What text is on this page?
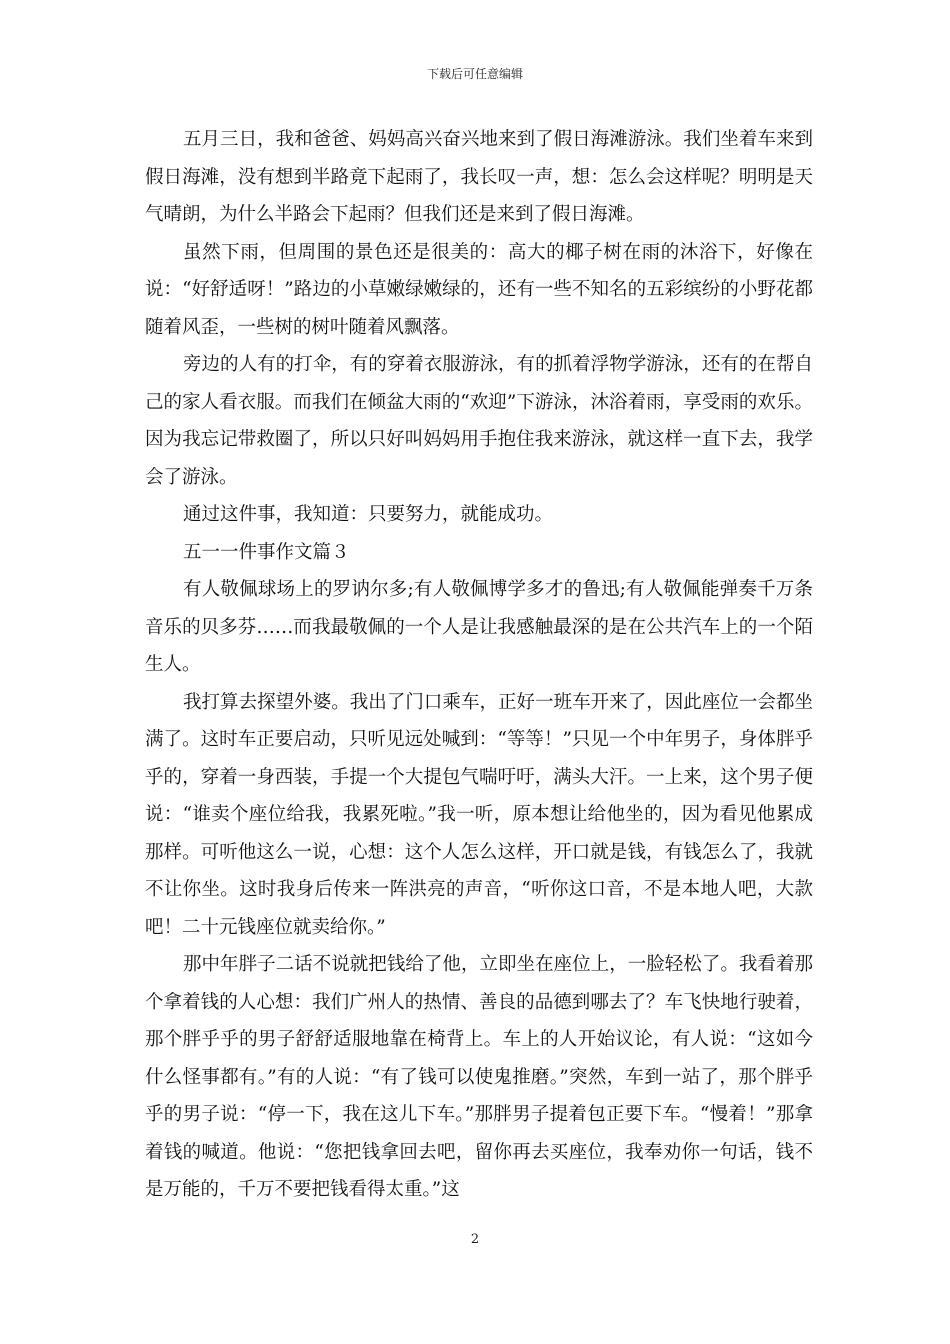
下载后可任意编辑

五月三日，我和爸爸、妈妈高兴奋兴地来到了假日海滩游泳。我们坐着车来到假日海滩，没有想到半路竟下起雨了，我长叹一声，想：怎么会这样呢？明明是天气晴朗，为什么半路会下起雨？但我们还是来到了假日海滩。

虽然下雨，但周围的景色还是很美的：高大的椰子树在雨的沐浴下，好像在说：“好舒适呀！”路边的小草嫩绿嫩绿的，还有一些不知名的五彩缤纷的小野花都随着风歪，一些树的树叶随着风飘落。

旁边的人有的打伞，有的穿着衣服游泳，有的抓着浮物学游泳，还有的在帮自己的家人看衣服。而我们在倾盆大雨的“欢迎”下游泳，沐浴着雨，享受雨的欢乐。因为我忘记带救圈了，所以只好叫妈妈用手抱住我来游泳，就这样一直下去，我学会了游泳。

通过这件事，我知道：只要努力，就能成功。

五一一件事作文篇３

有人敬佩球场上的罗讷尔多;有人敬佩博学多才的鲁迅;有人敬佩能弹奏千万条音乐的贝多芬……而我最敬佩的一个人是让我感触最深的是在公共汽车上的一个陌生人。

我打算去探望外婆。我出了门口乘车，正好一班车开来了，因此座位一会都坐满了。这时车正要启动，只听见远处喊到：“等等！”只见一个中年男子，身体胖乎乎的，穿着一身西装，手提一个大提包气喘吁吁，满头大汗。一上来，这个男子便说：“谁卖个座位给我，我累死啦。”我一听，原本想让给他坐的，因为看见他累成那样。可听他这么一说，心想：这个人怎么这样，开口就是钱，有钱怎么了，我就不让你坐。这时我身后传来一阵洪亮的声音，“听你这口音，不是本地人吧，大款吧！二十元钱座位就卖给你。”

那中年胖子二话不说就把钱给了他，立即坐在座位上，一脸轻松了。我看着那个拿着钱的人心想：我们广州人的热情、善良的品德到哪去了？车飞快地行驶着，那个胖乎乎的男子舒舒适服地靠在椅背上。车上的人开始议论，有人说：“这如今什么怪事都有。”有的人说：“有了钱可以使鬼推磨。”突然，车到一站了，那个胖乎乎的男子说：“停一下，我在这儿下车。”那胖男子提着包正要下车。“慢着！”那拿着钱的喊道。他说：“您把钱拿回去吧，留你再去买座位，我奉劝你一句话，钱不是万能的，千万不要把钱看得太重。”这

2
